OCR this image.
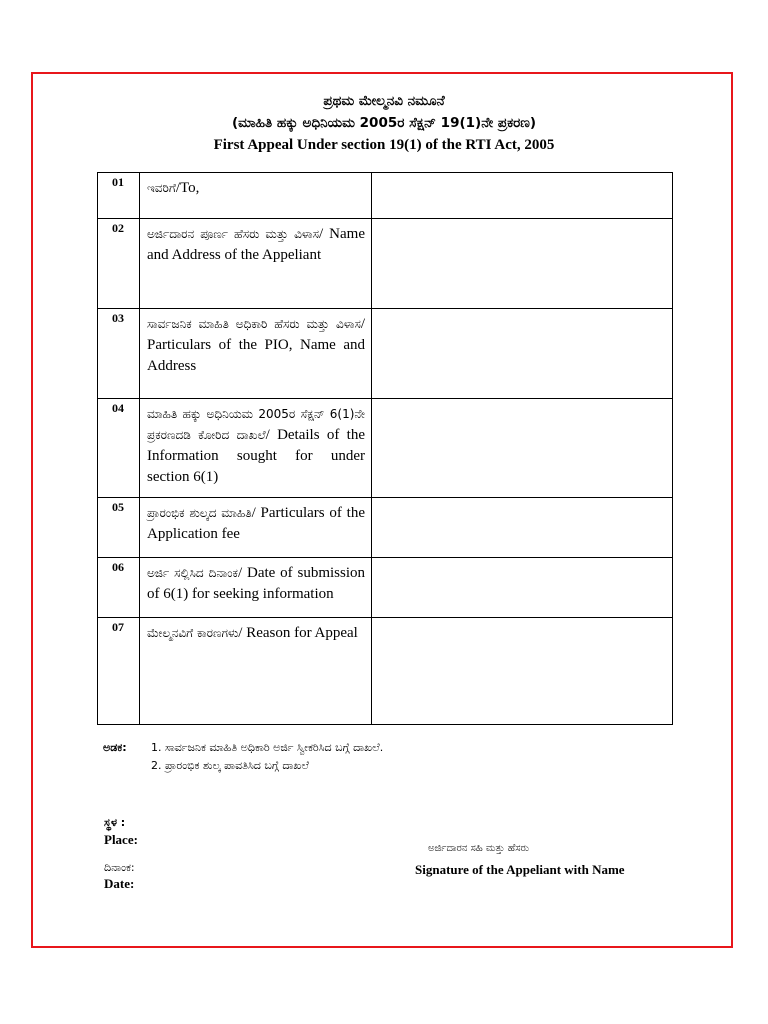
ಪ್ರಥಮ ಮೇಲ್ಮನವಿ ನಮೂನೆ
(ಮಾಹಿತಿ ಹಕ್ಕು ಅಧಿನಿಯಮ 2005ರ ಸೆಕ್ಷನ್ 19(1)ನೇ ಪ್ರಕರಣ)
First Appeal Under section 19(1) of the RTI Act, 2005
01	ಇವರಿಗೆ/To,	
02	ಅರ್ಜಿದಾರನ ಪೂರ್ಣ ಹೆಸರು ಮತ್ತು ವಿಳಾಸ/ Name and Address of the Appeliant	
03	ಸಾರ್ವಜನಿಕ ಮಾಹಿತಿ ಅಧಿಕಾರಿ ಹೆಸರು ಮತ್ತು ವಿಳಾಸ/ Particulars of the PIO, Name and Address	
04	ಮಾಹಿತಿ ಹಕ್ಕು ಅಧಿನಿಯಮ 2005ರ ಸೆಕ್ಷನ್ 6(1)ನೇ ಪ್ರಕರಣದಡಿ ಕೋರಿದ ದಾಖಲೆ/ Details of the Information sought for under section 6(1)	
05	ಪ್ರಾರಂಭಿಕ ಶುಲ್ಕದ ಮಾಹಿತಿ/ Particulars of the Application fee	
06	ಅರ್ಜಿ ಸಲ್ಲಿಸಿದ ದಿನಾಂಕ/ Date of submission of 6(1) for seeking information	
07	ಮೇಲ್ಮನವಿಗೆ ಕಾರಣಗಳು/ Reason for Appeal	
ಅಡಕ: 1. ಸಾರ್ವಜನಿಕ ಮಾಹಿತಿ ಅಧಿಕಾರಿ ಅರ್ಜಿ ಸ್ವೀಕರಿಸಿದ ಬಗ್ಗೆ ದಾಖಲೆ.
2. ಪ್ರಾರಂಭಿಕ ಶುಲ್ಕ ಪಾವತಿಸಿದ ಬಗ್ಗೆ ದಾಖಲೆ
ಸ್ಥಳ :
Place:
ದಿನಾಂಕ:
Date:
ಅರ್ಜಿದಾರನ ಸಹಿ ಮತ್ತು ಹೆಸರು
Signature of the Appeliant with Name
